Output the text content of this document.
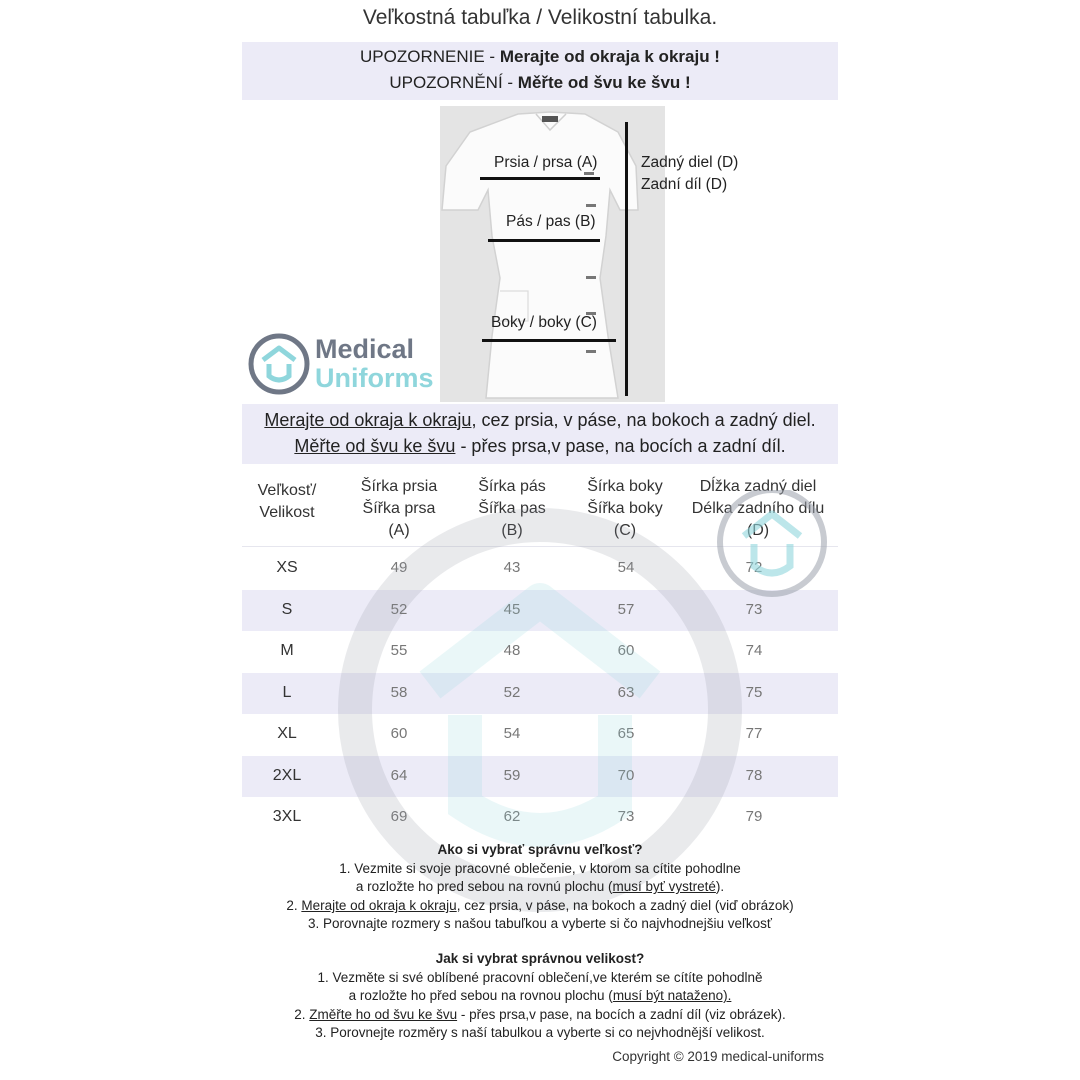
Veľkostná tabuľka / Velikostní tabulka.
UPOZORNENIE - Merajte od okraja k okraju !
UPOZORNĚNÍ - Měřte od švu ke švu !
Prsia / prsa (A)
Pás / pas (B)
Boky / boky (C)
Zadný diel (D)
Zadní díl (D)
Medical
Uniforms
Merajte od okraja k okraju, cez prsia, v páse, na bokoch a zadný diel.
Měřte od švu ke švu - přes prsa,v pase, na bocích a zadní díl.
Veľkosť/
Velikost
Šírka prsia
Šířka prsa
(A)
Šírka pás
Šířka pas
(B)
Šírka boky
Šířka boky
(C)
Dĺžka zadný diel
Délka zadního dílu
(D)
XS	49	43	54	72
S	52	45	57	73
M	55	48	60	74
L	58	52	63	75
XL	60	54	65	77
2XL	64	59	70	78
3XL	69	62	73	79
Ako si vybrať správnu veľkosť?
1. Vezmite si svoje pracovné oblečenie, v ktorom sa cítite pohodlne
a rozložte ho pred sebou na rovnú plochu (musí byť vystreté).
2. Merajte od okraja k okraju, cez prsia, v páse, na bokoch a zadný diel (viď obrázok)
3. Porovnajte rozmery s našou tabuľkou a vyberte si čo najvhodnejšiu veľkosť
Jak si vybrat správnou velikost?
1. Vezměte si své oblíbené pracovní oblečení,ve kterém se cítíte pohodlně
a rozložte ho před sebou na rovnou plochu (musí být nataženo).
2. Změřte ho od švu ke švu - přes prsa,v pase, na bocích a zadní díl (viz obrázek).
3. Porovnejte rozměry s naší tabulkou a vyberte si co nejvhodnější velikost.
Copyright © 2019 medical-uniforms
